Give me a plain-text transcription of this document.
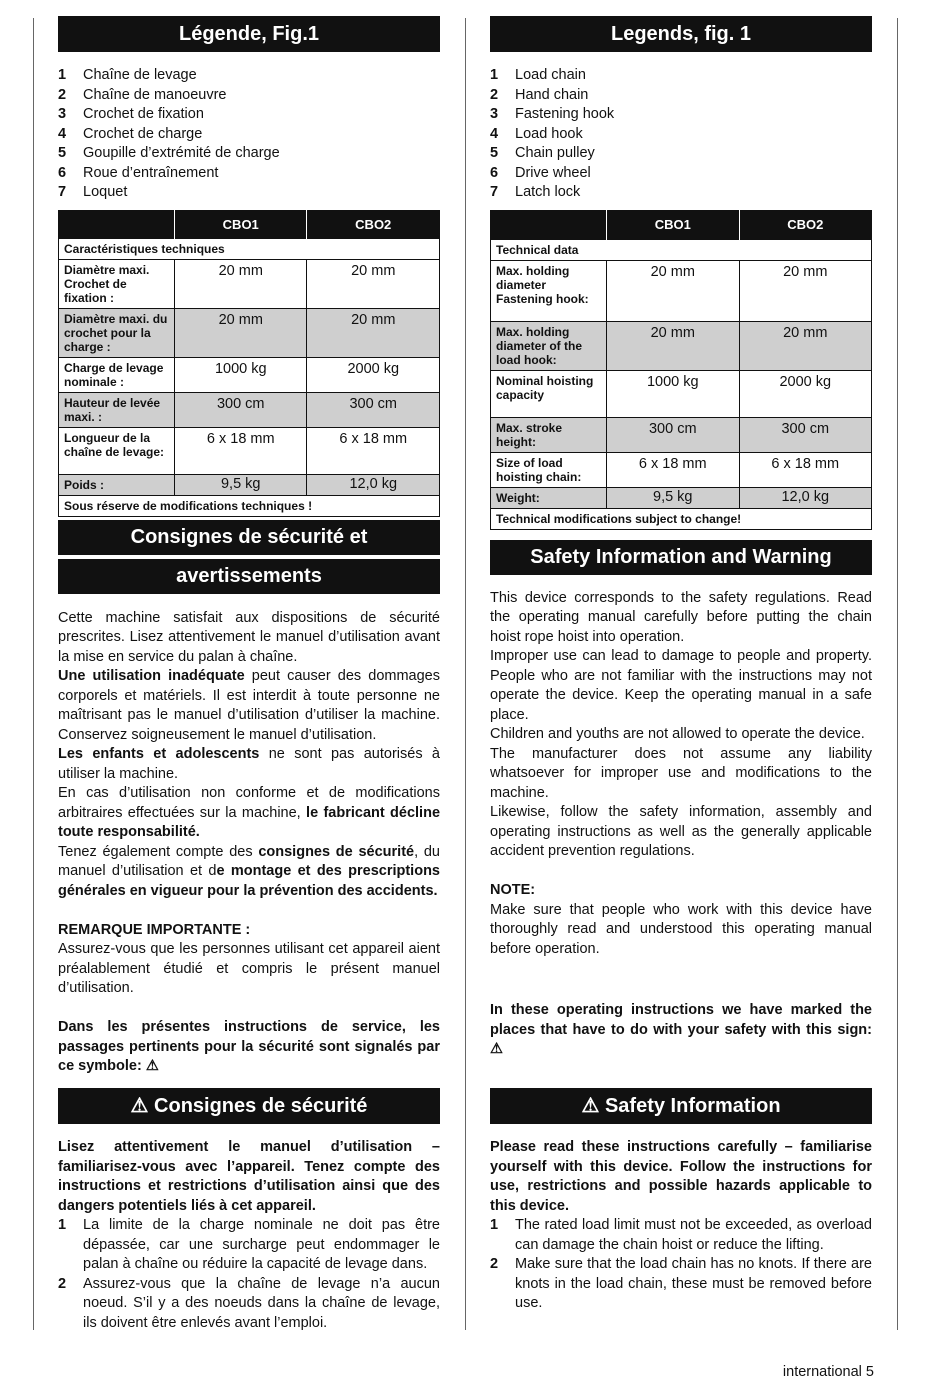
Légende, Fig.1
1	Chaîne de levage
2	Chaîne de manoeuvre
3	Crochet de fixation
4	Crochet de charge
5	Goupille d’extrémité de charge
6	Roue d’entraînement
7	Loquet
	CBO1	CBO2
Caractéristiques techniques		
Diamètre maxi. Crochet de fixation :	20 mm	20 mm
Diamètre maxi. du crochet pour la charge :	20 mm	20 mm
Charge de levage nominale :	1000 kg	2000 kg
Hauteur de levée maxi. :	300 cm	300 cm
Longueur de la chaîne de levage:	6 x 18 mm	6 x 18 mm
Poids :	9,5 kg	12,0 kg
Sous réserve de modifications techniques !		
Consignes de sécurité et
avertissements
Cette machine satisfait aux dispositions de sécurité prescrites. Lisez attentivement le manuel d’utilisation avant la mise en service du palan à chaîne.
Une utilisation inadéquate peut causer des dommages corporels et matériels. Il est interdit à toute personne ne maîtrisant pas le manuel d’utilisation d’utiliser la machine. Conservez soigneusement le manuel d’utilisation.
Les enfants et adolescents ne sont pas autorisés à utiliser la machine.
En cas d’utilisation non conforme et de modifications arbitraires effectuées sur la machine, le fabricant décline toute responsabilité.
Tenez également compte des consignes de sécurité, du manuel d’utilisation et de montage et des prescriptions générales en vigueur pour la prévention des accidents.
REMARQUE IMPORTANTE :
Assurez-vous que les personnes utilisant cet appareil aient préalablement étudié et compris le présent manuel d’utilisation.
Dans les présentes instructions de service, les passages pertinents pour la sécurité sont signalés par ce symbole: ⚠
⚠ Consignes de sécurité
Lisez attentivement le manuel d’utilisation – familiarisez-vous avec l’appareil. Tenez compte des instructions et restrictions d’utilisation ainsi que des dangers potentiels liés à cet appareil.
1	La limite de la charge nominale ne doit pas être dépassée, car une surcharge peut endommager le palan à chaîne ou réduire la capacité de levage dans.
2	Assurez-vous que la chaîne de levage n’a aucun noeud. S’il y a des noeuds dans la chaîne de levage, ils doivent être enlevés avant l’emploi.
Legends, fig. 1
1	Load chain
2	Hand chain
3	Fastening hook
4	Load hook
5	Chain pulley
6	Drive wheel
7	Latch lock
	CBO1	CBO2
Technical data		
Max. holding diameter Fastening hook:	20 mm	20 mm
Max. holding diameter of the load hook:	20 mm	20 mm
Nominal hoisting capacity	1000 kg	2000 kg
Max. stroke height:	300 cm	300 cm
Size of load hoisting chain:	6 x 18 mm	6 x 18 mm
Weight:	9,5 kg	12,0 kg
Technical modifications subject to change!		
Safety Information and Warning
This device corresponds to the safety regulations. Read the operating manual carefully before putting the chain hoist rope hoist into operation.
Improper use can lead to damage to people and property. People who are not familiar with the instructions may not operate the device. Keep the operating manual in a safe place.
Children and youths are not allowed to operate the device.
The manufacturer does not assume any liability whatsoever for improper use and modifications to the machine.
Likewise, follow the safety information, assembly and operating instructions as well as the generally applicable accident prevention regulations.
NOTE:
Make sure that people who work with this device have thoroughly read and understood this operating manual before operation.
In these operating instructions we have marked the places that have to do with your safety with this sign: ⚠
⚠ Safety Information
Please read these instructions carefully – familiarise yourself with this device. Follow the instructions for use, restrictions and possible hazards applicable to this device.
1	The rated load limit must not be exceeded, as overload can damage the chain hoist or reduce the lifting.
2	Make sure that the load chain has no knots. If there are knots in the load chain, these must be removed before use.
international 5
